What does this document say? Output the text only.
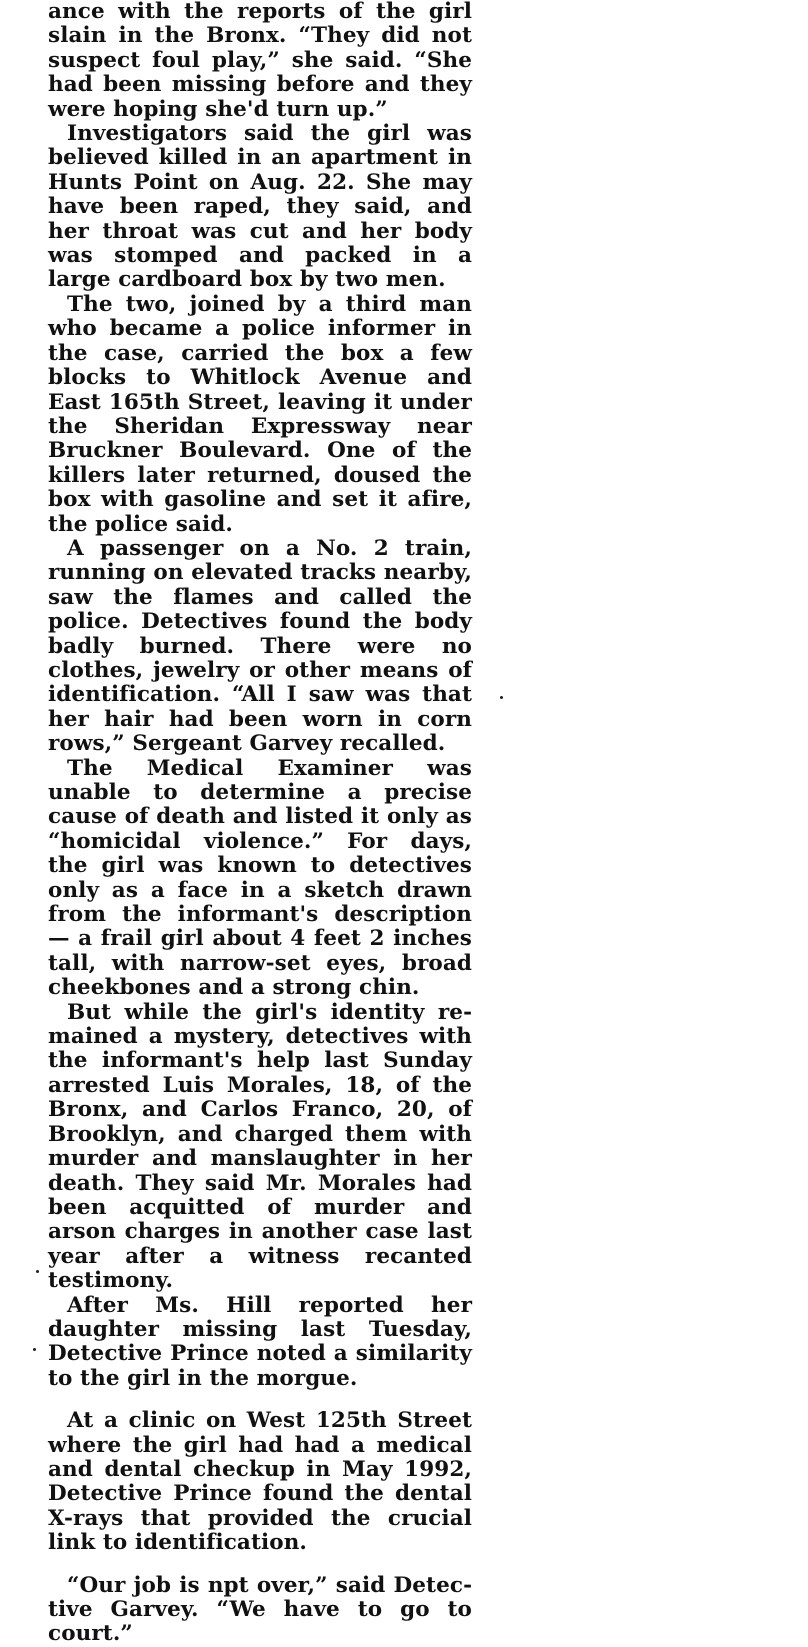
ance with the reports of the girl slain in the Bronx. “They did not suspect foul play,” she said. “She had been missing before and they were hoping she'd turn up.”

Investigators said the girl was believed killed in an apartment in Hunts Point on Aug. 22. She may have been raped, they said, and her throat was cut and her body was stomped and packed in a large cardboard box by two men.

The two, joined by a third man who became a police informer in the case, carried the box a few blocks to Whitlock Avenue and East 165th Street, leaving it under the Sheridan Expressway near Bruckner Boulevard. One of the killers later returned, doused the box with gasoline and set it afire, the police said.

A passenger on a No. 2 train, running on elevated tracks nearby, saw the flames and called the police. Detectives found the body badly burned. There were no clothes, jewelry or other means of identification. “All I saw was that her hair had been worn in corn rows,” Sergeant Garvey recalled.

The Medical Examiner was unable to determine a precise cause of death and listed it only as “homicidal violence.” For days, the girl was known to detectives only as a face in a sketch drawn from the informant's description — a frail girl about 4 feet 2 inches tall, with narrow-set eyes, broad cheekbones and a strong chin.

But while the girl's identity remained a mystery, detectives with the informant's help last Sunday arrested Luis Morales, 18, of the Bronx, and Carlos Franco, 20, of Brooklyn, and charged them with murder and manslaughter in her death. They said Mr. Morales had been acquitted of murder and arson charges in another case last year after a witness recanted testimony.

After Ms. Hill reported her daughter missing last Tuesday, Detective Prince noted a similarity to the girl in the morgue.

At a clinic on West 125th Street where the girl had had a medical and dental checkup in May 1992, Detective Prince found the dental X-rays that provided the crucial link to identification.

“Our job is npt over,” said Detective Garvey. “We have to go to court.”
